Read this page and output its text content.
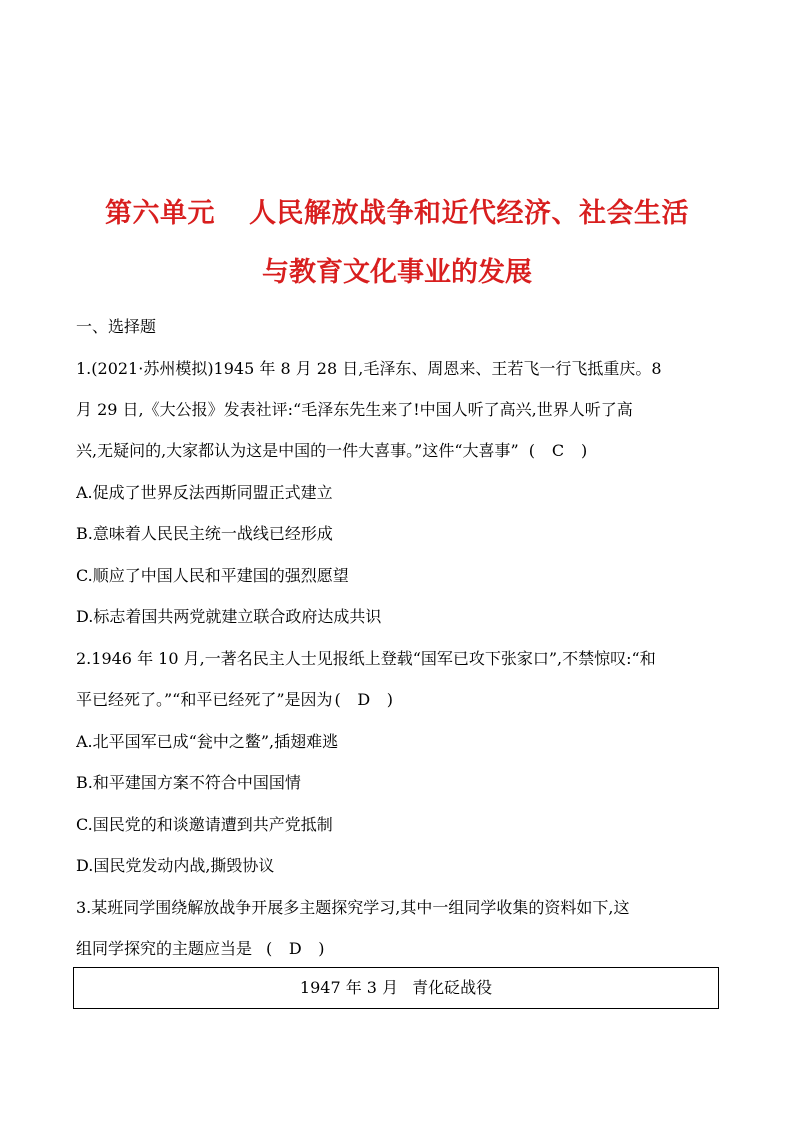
第六单元 人民解放战争和近代经济、社会生活
与教育文化事业的发展
一、选择题
1.(2021·苏州模拟)1945 年 8 月 28 日,毛泽东、周恩来、王若飞一行飞抵重庆。8
月 29 日,《大公报》发表社评:“毛泽东先生来了!中国人听了高兴,世界人听了高
兴,无疑问的,大家都认为这是中国的一件大喜事。”这件“大喜事” ( C )
A.促成了世界反法西斯同盟正式建立
B.意味着人民民主统一战线已经形成
C.顺应了中国人民和平建国的强烈愿望
D.标志着国共两党就建立联合政府达成共识
2.1946 年 10 月,一著名民主人士见报纸上登载“国军已攻下张家口”,不禁惊叹:“和
平已经死了。”“和平已经死了”是因为 ( D )
A.北平国军已成“瓮中之鳖”,插翅难逃
B.和平建国方案不符合中国国情
C.国民党的和谈邀请遭到共产党抵制
D.国民党发动内战,撕毁协议
3.某班同学围绕解放战争开展多主题探究学习,其中一组同学收集的资料如下,这
组同学探究的主题应当是 ( D )
1947 年 3 月 青化砭战役
